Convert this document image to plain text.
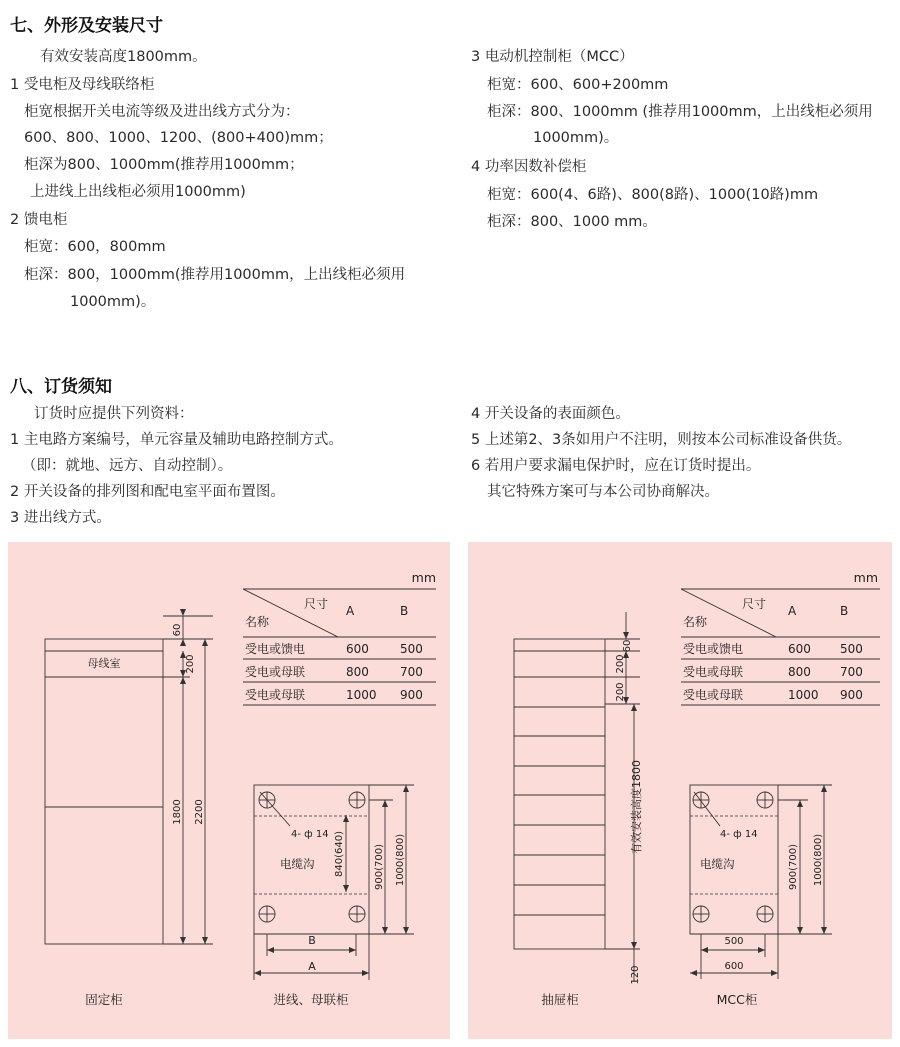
七、外形及安装尺寸
有效安装高度1800mm。
1 受电柜及母线联络柜
柜宽根据开关电流等级及进出线方式分为：
600、800、1000、1200、(800+400)mm；
柜深为800、1000mm(推荐用1000mm；
上进线上出线柜必须用1000mm)
2 馈电柜
柜宽：600，800mm
柜深：800，1000mm(推荐用1000mm，上出线柜必须用
1000mm)。
3 电动机控制柜（MCC）
柜宽：600、600+200mm
柜深：800、1000mm (推荐用1000mm，上出线柜必须用
1000mm)。
4 功率因数补偿柜
柜宽：600(4、6路)、800(8路)、1000(10路)mm
柜深：800、1000 mm。
八、订货须知
订货时应提供下列资料：
1 主电路方案编号，单元容量及辅助电路控制方式。
（即：就地、远方、自动控制）。
2 开关设备的排列图和配电室平面布置图。
3 进出线方式。
4 开关设备的表面颜色。
5 上述第2、3条如用户不注明，则按本公司标准设备供货。
6 若用户要求漏电保护时，应在订货时提出。
其它特殊方案可与本公司协商解决。
母线室
60
200
1800 2200
4- ф 14
电缆沟 840(640)	900(700) 1000(800)
B
A
固定柜	进线、母联柜
mm
尺寸
名称
A	B
受电或馈电	600	500
受电或母联	800	700
受电或母联	1000 900
60
200
200
有效安装高度1800
120
4- ф 14
电缆沟	900(700) 1000(800)
500
600
抽屉柜	MCC柜
mm
尺寸
名称
A	B
受电或馈电	600 500
受电或母联	800 700
受电或母联	1000 900
